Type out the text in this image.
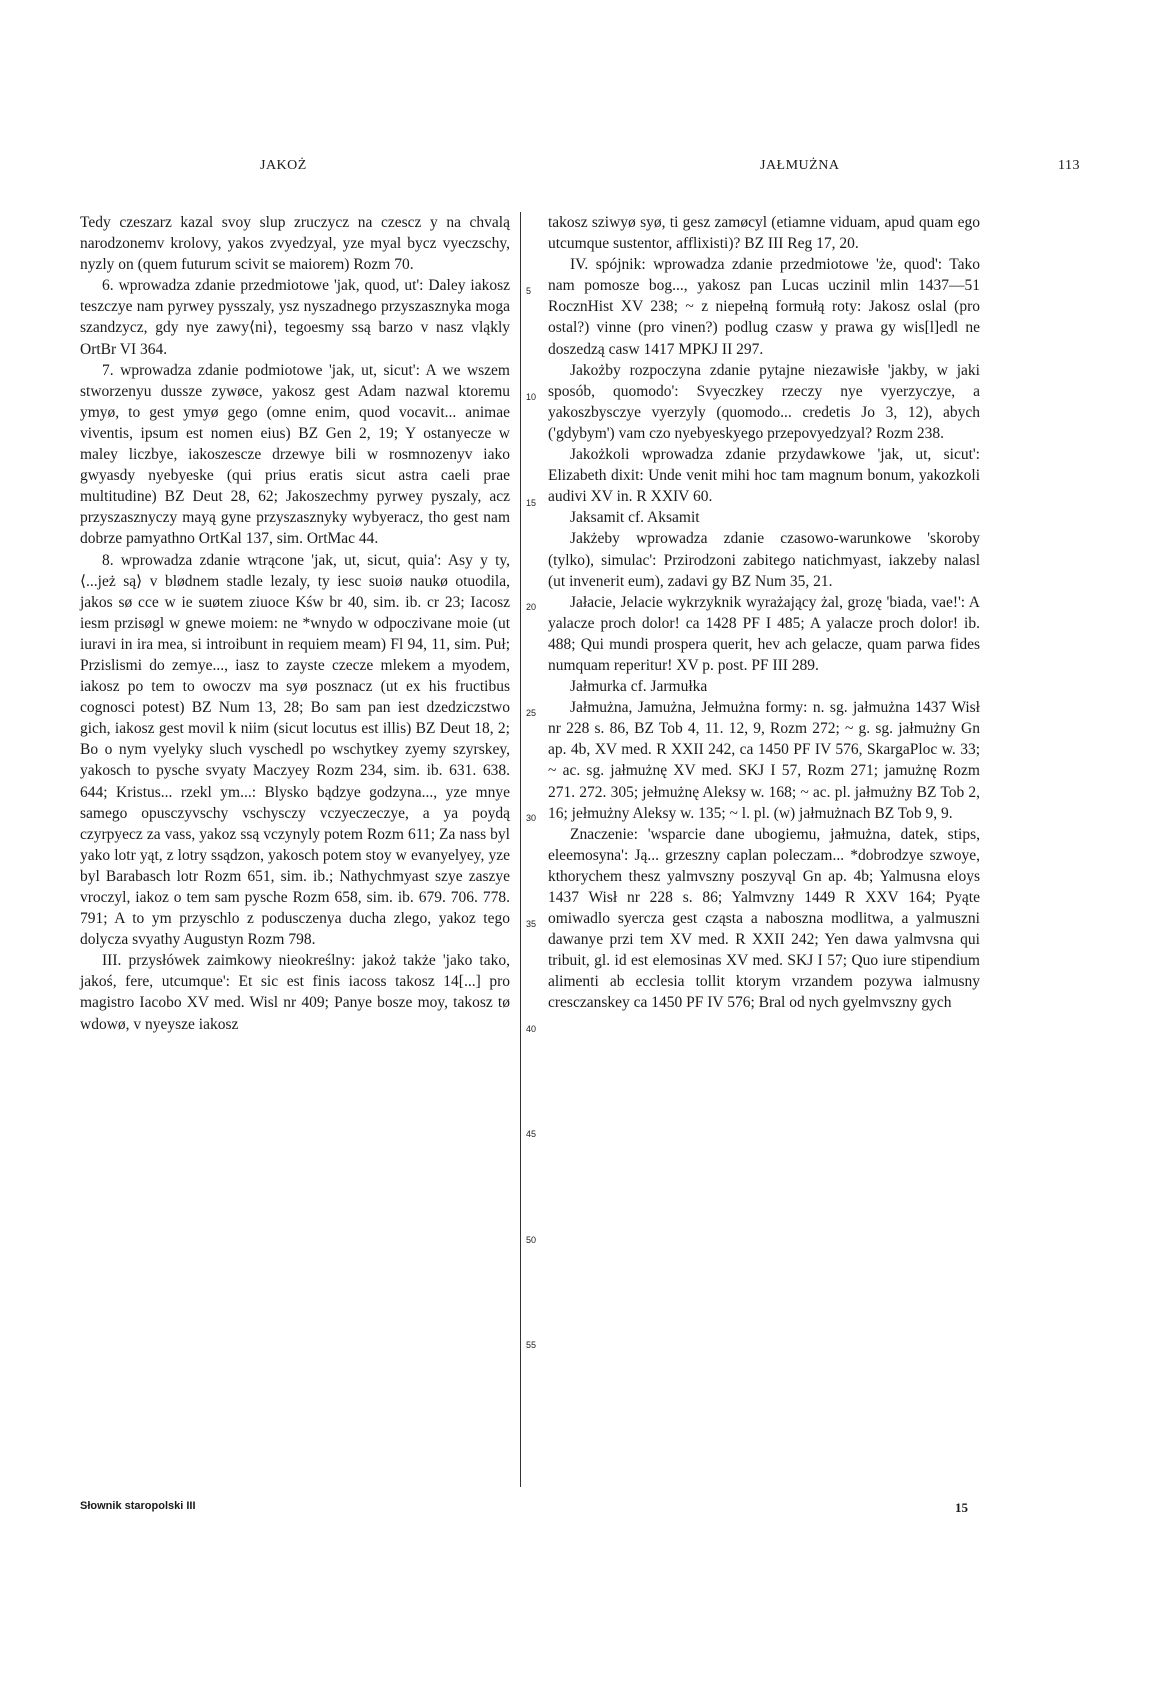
JAKOŻ	JAŁMUŻNA	113

Tedy czeszarz kazal svoy slup zruczycz na czescz y na chvalą narodzonemv krolovy, yakos zvyedzyal, yze myal bycz vyeczschy, nyzly on (quem futurum scivit se maiorem) Rozm 70.

6. wprowadza zdanie przedmiotowe 'jak, quod, ut': Daley iakosz teszczye nam pyrwey pysszaly, ysz nyszadnego przyszasznyka moga szandzycz, gdy nye zawy⟨ni⟩, tegoesmy ssą barzo v nasz vląkly OrtBr VI 364.

7. wprowadza zdanie podmiotowe 'jak, ut, sicut': A we wszem stworzenyu dussze zywøce, yakosz gest Adam nazwal ktoremu ymyø, to gest ymyø gego (omne enim, quod vocavit... animae viventis, ipsum est nomen eius) BZ Gen 2, 19; Y ostanyecze w maley liczbye, iakoszescze drzewye bili w rosmnozenyv iako gwyasdy nyebyeske (qui prius eratis sicut astra caeli prae multitudine) BZ Deut 28, 62; Jakoszechmy pyrwey pyszaly, acz przyszasznyczy mayą gyne przyszasznyky wybyeracz, tho gest nam dobrze pamyathno OrtKal 137, sim. OrtMac 44.

8. wprowadza zdanie wtrącone 'jak, ut, sicut, quia': Asy y ty, ⟨...jeż są⟩ v blødnem stadle lezaly, ty iesc suoiø naukø otuodila, jakos sø cce w ie suøtem ziuoce Kśw br 40, sim. ib. cr 23; Iacosz iesm przisøgl w gnewe moiem: ne *wnydo w odpoczivane moie (ut iuravi in ira mea, si introibunt in requiem meam) Fl 94, 11, sim. Puł; Przislismi do zemye..., iasz to zayste czecze mlekem a myodem, iakosz po tem to owoczv ma syø posznacz (ut ex his fructibus cognosci potest) BZ Num 13, 28; Bo sam pan iest dzedziczstwo gich, iakosz gest movil k niim (sicut locutus est illis) BZ Deut 18, 2; Bo o nym vyelyky sluch vyschedl po wschytkey zyemy szyrskey, yakosch to pysche svyaty Maczyey Rozm 234, sim. ib. 631. 638. 644; Kristus... rzekl ym...: Blysko bądzye godzyna..., yze mnye samego opusczyvschy vschysczy vczyeczeczye, a ya poydą czyrpyecz za vass, yakoz ssą vczynyly potem Rozm 611; Za nass byl yako lotr yąt, z lotry ssądzon, yakosch potem stoy w evanyelyey, yze byl Barabasch lotr Rozm 651, sim. ib.; Nathychmyast szye zaszye vroczyl, iakoz o tem sam pysche Rozm 658, sim. ib. 679. 706. 778. 791; A to ym przyschlo z podusczenya ducha zlego, yakoz tego dolycza svyathy Augustyn Rozm 798.

III. przysłówek zaimkowy nieokreślny: jakoż także 'jako tako, jakoś, fere, utcumque': Et sic est finis iacoss takosz 14[...] pro magistro Iacobo XV med. Wisl nr 409; Panye bosze moy, takosz tø wdowø, v nyeysze iakosz

5
10
15
20
25
30
35
40
45
50
55

takosz sziwyø syø, ti gesz zamøcyl (etiamne viduam, apud quam ego utcumque sustentor, afflixisti)? BZ III Reg 17, 20.

IV. spójnik: wprowadza zdanie przedmiotowe 'że, quod': Tako nam pomosze bog..., yakosz pan Lucas uczinil mlin 1437—51 RocznHist XV 238; ~ z niepełną formułą roty: Jakosz oslal (pro ostal?) vinne (pro vinen?) podlug czasw y prawa gy wis[l]edl ne doszedzą casw 1417 MPKJ II 297.

Jakożby rozpoczyna zdanie pytajne niezawisłe 'jakby, w jaki sposób, quomodo': Svyeczkey rzeczy nye vyerzyczye, a yakoszbysczye vyerzyly (quomodo... credetis Jo 3, 12), abych ('gdybym') vam czo nyebyeskyego przepovyedzyal? Rozm 238.

Jakożkoli wprowadza zdanie przydawkowe 'jak, ut, sicut': Elizabeth dixit: Unde venit mihi hoc tam magnum bonum, yakozkoli audivi XV in. R XXIV 60.

Jaksamit cf. Aksamit

Jakżeby wprowadza zdanie czasowo-warunkowe 'skoroby (tylko), simulac': Przirodzoni zabitego natichmyast, iakzeby nalasl (ut invenerit eum), zadavi gy BZ Num 35, 21.

Jałacie, Jelacie wykrzyknik wyrażający żal, grozę 'biada, vae!': A yalacze proch dolor! ca 1428 PF I 485; A yalacze proch dolor! ib. 488; Qui mundi prospera querit, hev ach gelacze, quam parwa fides numquam reperitur! XV p. post. PF III 289.

Jałmurka cf. Jarmułka

Jałmużna, Jamużna, Jełmużna formy: n. sg. jałmużna 1437 Wisł nr 228 s. 86, BZ Tob 4, 11. 12, 9, Rozm 272; ~ g. sg. jałmużny Gn ap. 4b, XV med. R XXII 242, ca 1450 PF IV 576, SkargaPloc w. 33; ~ ac. sg. jałmużnę XV med. SKJ I 57, Rozm 271; jamużnę Rozm 271. 272. 305; jełmużnę Aleksy w. 168; ~ ac. pl. jałmużny BZ Tob 2, 16; jełmużny Aleksy w. 135; ~ l. pl. (w) jałmużnach BZ Tob 9, 9.

Znaczenie: 'wsparcie dane ubogiemu, jałmużna, datek, stips, eleemosyna': Ją... grzeszny caplan poleczam... *dobrodzye szwoye, kthorychem thesz yalmvszny poszyvąl Gn ap. 4b; Yalmusna eloys 1437 Wisł nr 228 s. 86; Yalmvzny 1449 R XXV 164; Pyąte omiwadlo syercza gest cząsta a nabosznа modlitwa, a yalmuszni dawanye przi tem XV med. R XXII 242; Yen dawa yalmvsna qui tribuit, gl. id est elemosinas XV med. SKJ I 57; Quo iure stipendium alimenti ab ecclesia tollit ktorym vrzandem pozywa ialmusny cresczanskey ca 1450 PF IV 576; Bral od nych gyelmvszny gych

Słownik staropolski III	15
